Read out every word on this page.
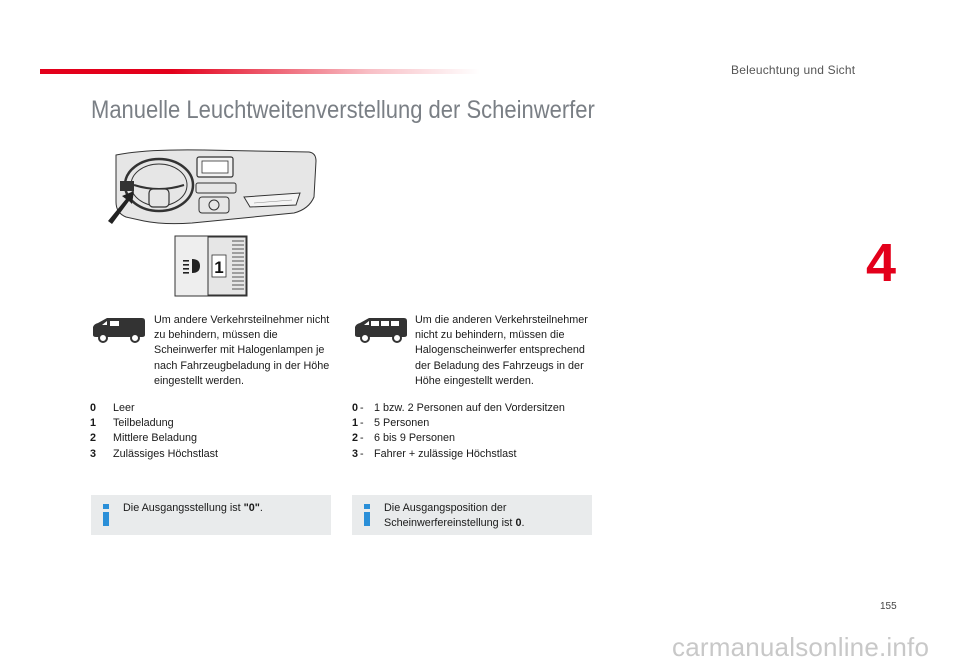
Beleuchtung und Sicht
Manuelle Leuchtweitenverstellung der Scheinwerfer
4
1
Um andere Verkehrsteilnehmer nicht zu behindern, müssen die Scheinwerfer mit Halogenlampen je nach Fahrzeugbeladung in der Höhe eingestellt werden.
Um die anderen Verkehrsteilnehmer nicht zu behindern, müssen die Halogenscheinwerfer entsprechend der Beladung des Fahrzeugs in der Höhe eingestellt werden.
0	Leer
1	Teilbeladung
2	Mittlere Beladung
3	Zulässiges Höchstlast
0 - 1 bzw. 2 Personen auf den Vordersitzen
1 - 5 Personen
2 - 6 bis 9 Personen
3 - Fahrer + zulässige Höchstlast
Die Ausgangsstellung ist "0".	Die Ausgangsposition der Scheinwerfereinstellung ist 0.
155
carmanualsonline.info
